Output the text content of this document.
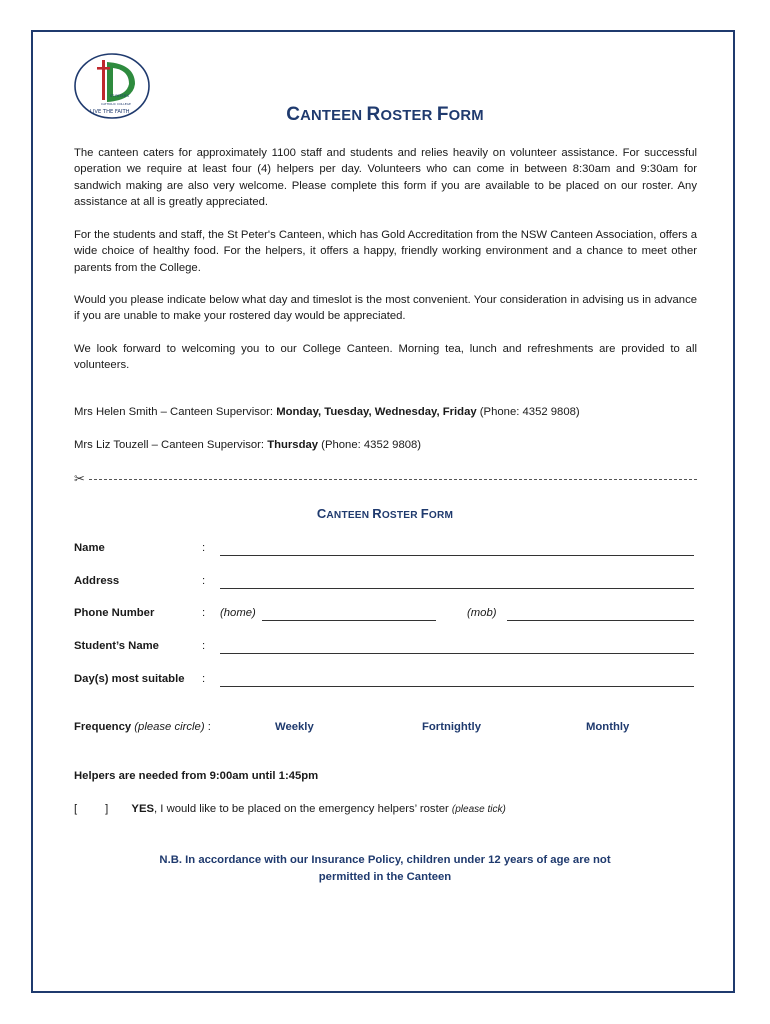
ST PETER'S
CATHOLIC COLLEGE
LIVE THE FAITH	CANTEEN ROSTER FORM

The canteen caters for approximately 1100 staff and students and relies heavily on volunteer assistance. For successful operation we require at least four (4) helpers per day. Volunteers who can come in between 8:30am and 9:30am for sandwich making are also very welcome. Please complete this form if you are available to be placed on our roster. Any assistance at all is greatly appreciated.

For the students and staff, the St Peter's Canteen, which has Gold Accreditation from the NSW Canteen Association, offers a wide choice of healthy food. For the helpers, it offers a happy, friendly working environment and a chance to meet other parents from the College.

Would you please indicate below what day and timeslot is the most convenient. Your consideration in advising us in advance if you are unable to make your rostered day would be appreciated.

We look forward to welcoming you to our College Canteen. Morning tea, lunch and refreshments are provided to all volunteers.

Mrs Helen Smith – Canteen Supervisor: Monday, Tuesday, Wednesday, Friday (Phone: 4352 9808)
Mrs Liz Touzell – Canteen Supervisor: Thursday (Phone: 4352 9808)
✂
CANTEEN ROSTER FORM
Name	:
Address	:
Phone Number	: (home)	(mob)
Student’s Name	:
Day(s) most suitable :
Frequency (please circle) :	Weekly	Fortnightly	Monthly
Helpers are needed from 9:00am until 1:45pm
[ ] YES, I would like to be placed on the emergency helpers’ roster (please tick)
N.B. In accordance with our Insurance Policy, children under 12 years of age are not
permitted in the Canteen
